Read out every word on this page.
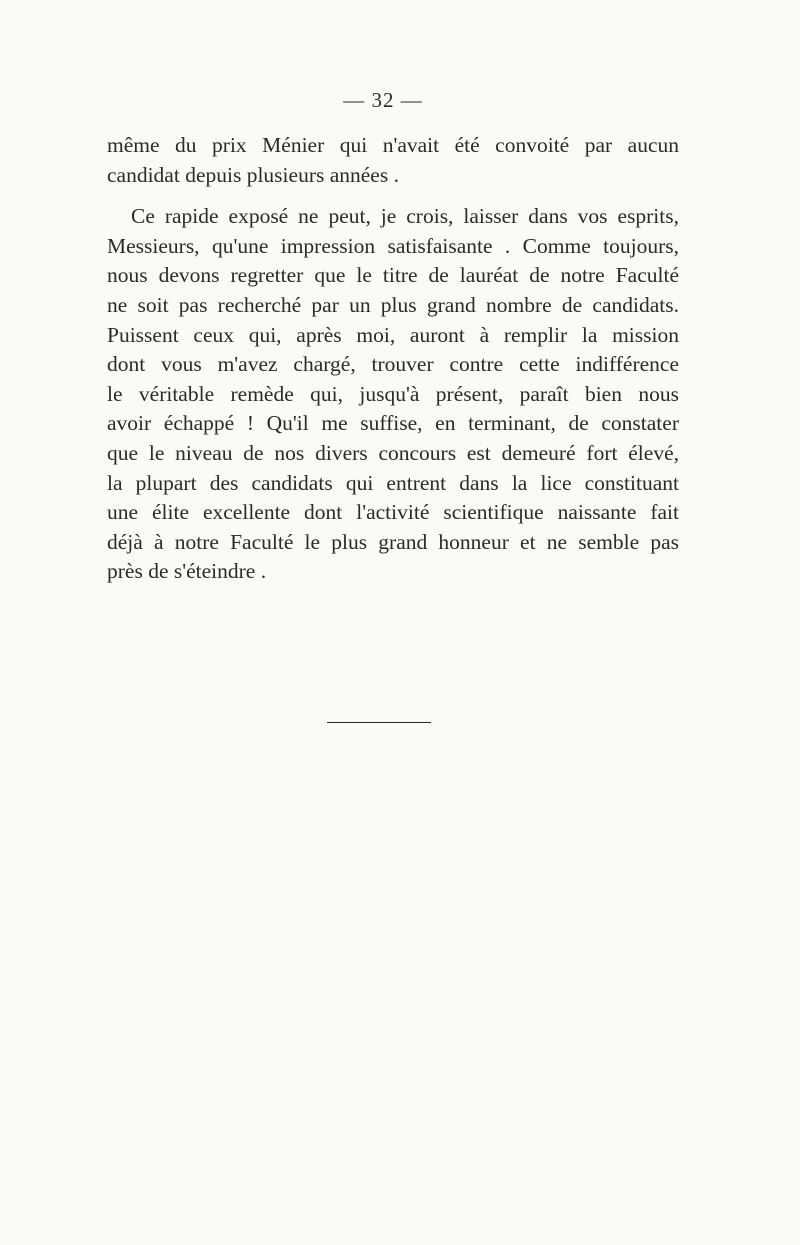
— 32 —
même du prix Ménier qui n'avait été convoité par aucun
candidat depuis plusieurs années .
Ce rapide exposé ne peut, je crois, laisser dans vos esprits,
Messieurs, qu'une impression satisfaisante . Comme toujours,
nous devons regretter que le titre de lauréat de notre Faculté
ne soit pas recherché par un plus grand nombre de candidats.
Puissent ceux qui, après moi, auront à remplir la mission
dont vous m'avez chargé, trouver contre cette indifférence
le véritable remède qui, jusqu'à présent, paraît bien nous
avoir échappé ! Qu'il me suffise, en terminant, de constater
que le niveau de nos divers concours est demeuré fort élevé,
la plupart des candidats qui entrent dans la lice constituant
une élite excellente dont l'activité scientifique naissante fait
déjà à notre Faculté le plus grand honneur et ne semble pas
près de s'éteindre .
